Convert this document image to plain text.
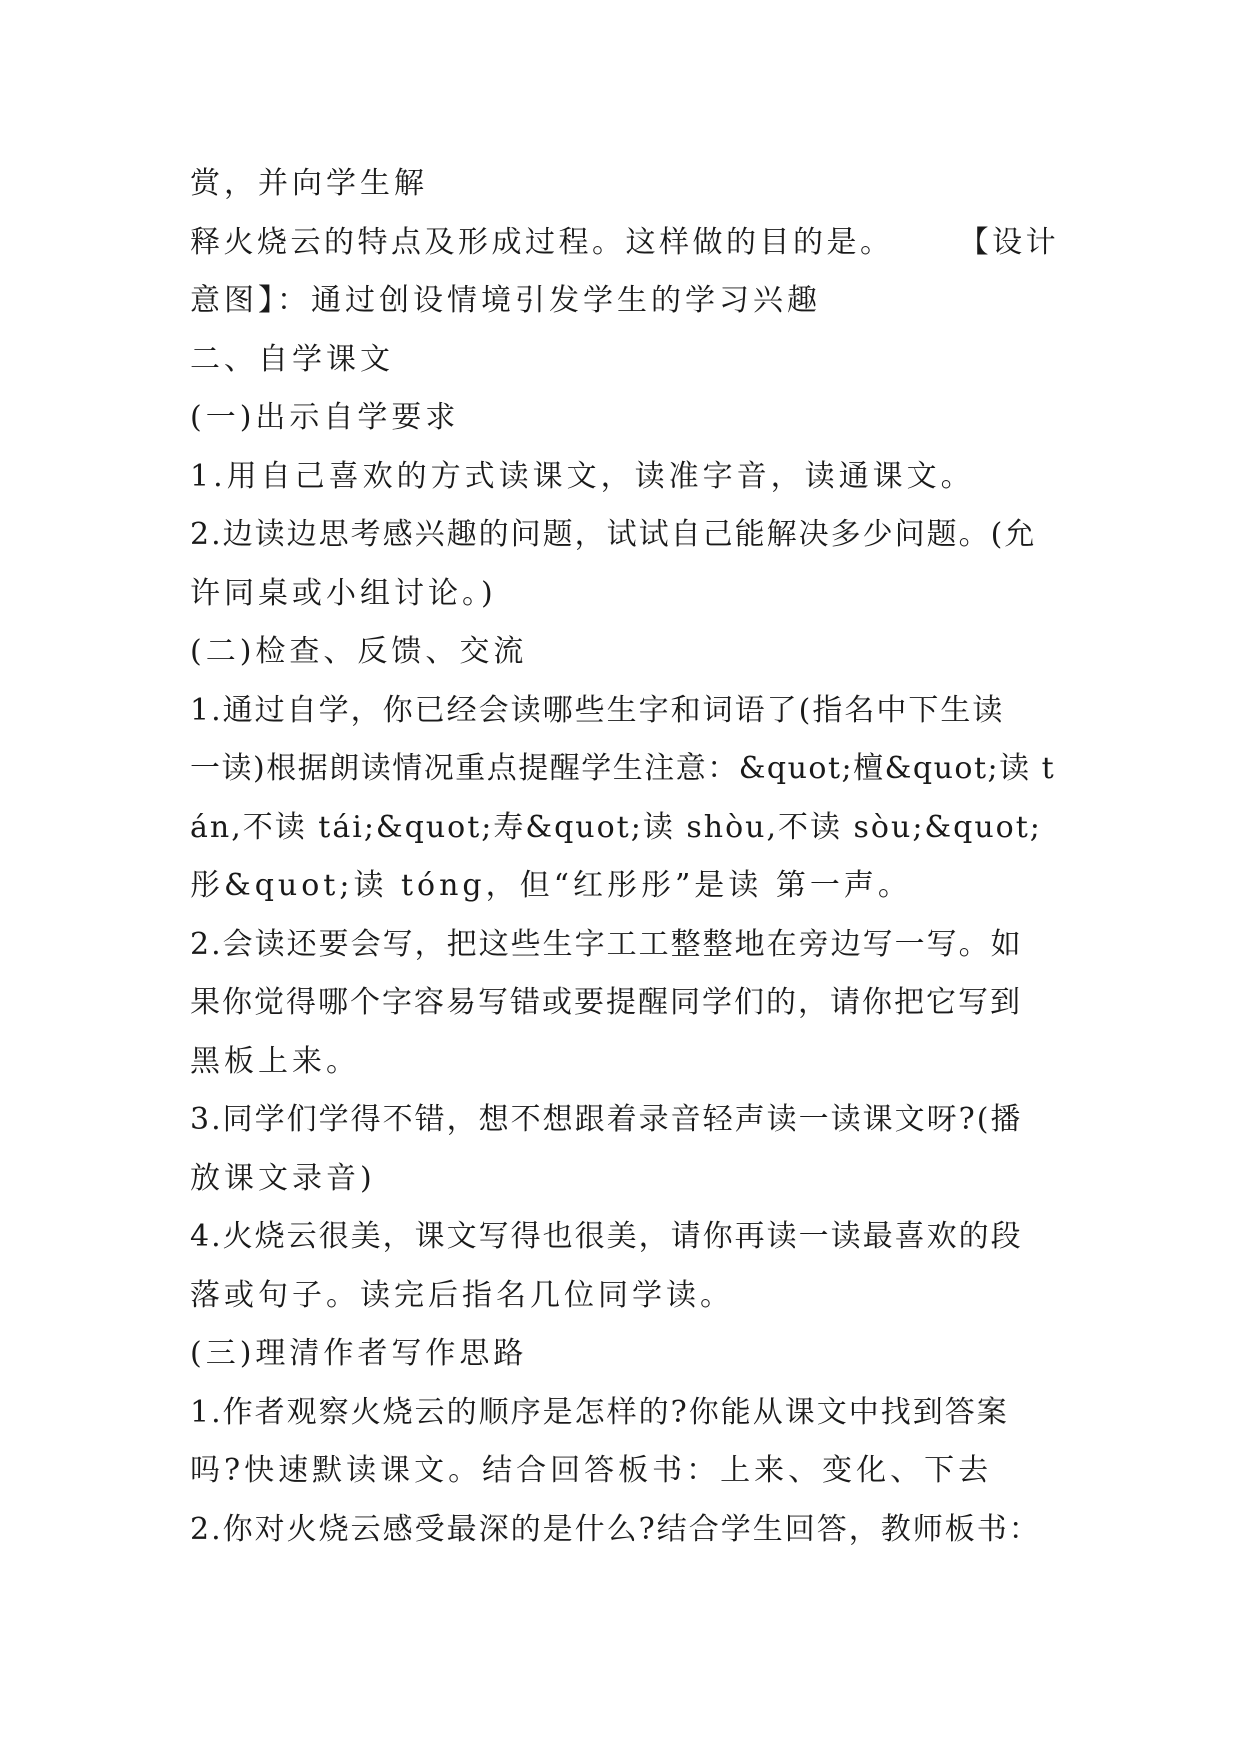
赏，并向学生解
释火烧云的特点及形成过程。这样做的目的是。     【设计
意图】：通过创设情境引发学生的学习兴趣
二、自学课文
(一)出示自学要求
1.用自己喜欢的方式读课文，读准字音，读通课文。
2.边读边思考感兴趣的问题，试试自己能解决多少问题。(允
许同桌或小组讨论。)
(二)检查、反馈、交流
1.通过自学，你已经会读哪些生字和词语了(指名中下生读
一读)根据朗读情况重点提醒学生注意：&quot;檀&quot;读 t
án,不读 tái;&quot;寿&quot;读 shòu,不读 sòu;&quot;
彤&quot;读 tóng，但“红彤彤”是读 第一声。
2.会读还要会写，把这些生字工工整整地在旁边写一写。如
果你觉得哪个字容易写错或要提醒同学们的，请你把它写到
黑板上来。
3.同学们学得不错，想不想跟着录音轻声读一读课文呀?(播
放课文录音)
4.火烧云很美，课文写得也很美，请你再读一读最喜欢的段
落或句子。读完后指名几位同学读。
(三)理清作者写作思路
1.作者观察火烧云的顺序是怎样的?你能从课文中找到答案
吗?快速默读课文。结合回答板书：上来、变化、下去
2.你对火烧云感受最深的是什么?结合学生回答，教师板书：
